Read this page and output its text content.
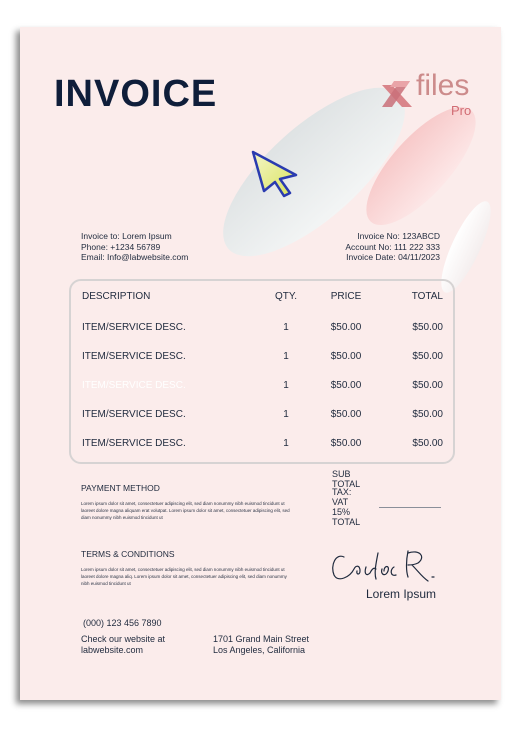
INVOICE	files
Pro
Invoice to: Lorem Ipsum
Phone: +1234 56789
Email: Info@labwebsite.com
Invoice No: 123ABCD
Account No: 111 222 333
Invoice Date: 04/11/2023
DESCRIPTION	QTY.	PRICE	TOTAL
ITEM/SERVICE DESC.	1	$50.00	$50.00
ITEM/SERVICE DESC.	1	$50.00	$50.00
ITEM/SERVICE DESC.	1	$50.00	$50.00
ITEM/SERVICE DESC.	1	$50.00	$50.00
ITEM/SERVICE DESC.	1	$50.00	$50.00
SUB TOTAL
TAX: VAT 15%
TOTAL
PAYMENT METHOD
Lorem ipsum dolor sit amet, consectetuer adipiscing elit, sed diam nonummy nibh euismod tincidunt ut laoreet dolore magna aliquam erat volutpat. Lorem ipsum dolor sit amet, consectetuer adipiscing elit, sed diam nonummy nibh euismod tincidunt ut
TERMS & CONDITIONS
Lorem ipsum dolor sit amet, consectetuer adipiscing elit, sed diam nonummy nibh euismod tincidunt ut laoreet dolore magna aliq. Lorem ipsum dolor sit amet, consectetuer adipiscing elit, sed diam nonummy nibh euismod tincidunt ut
Lorem Ipsum
(000) 123 456 7890
Check our website at
labwebsite.com
1701 Grand Main Street
Los Angeles, California
